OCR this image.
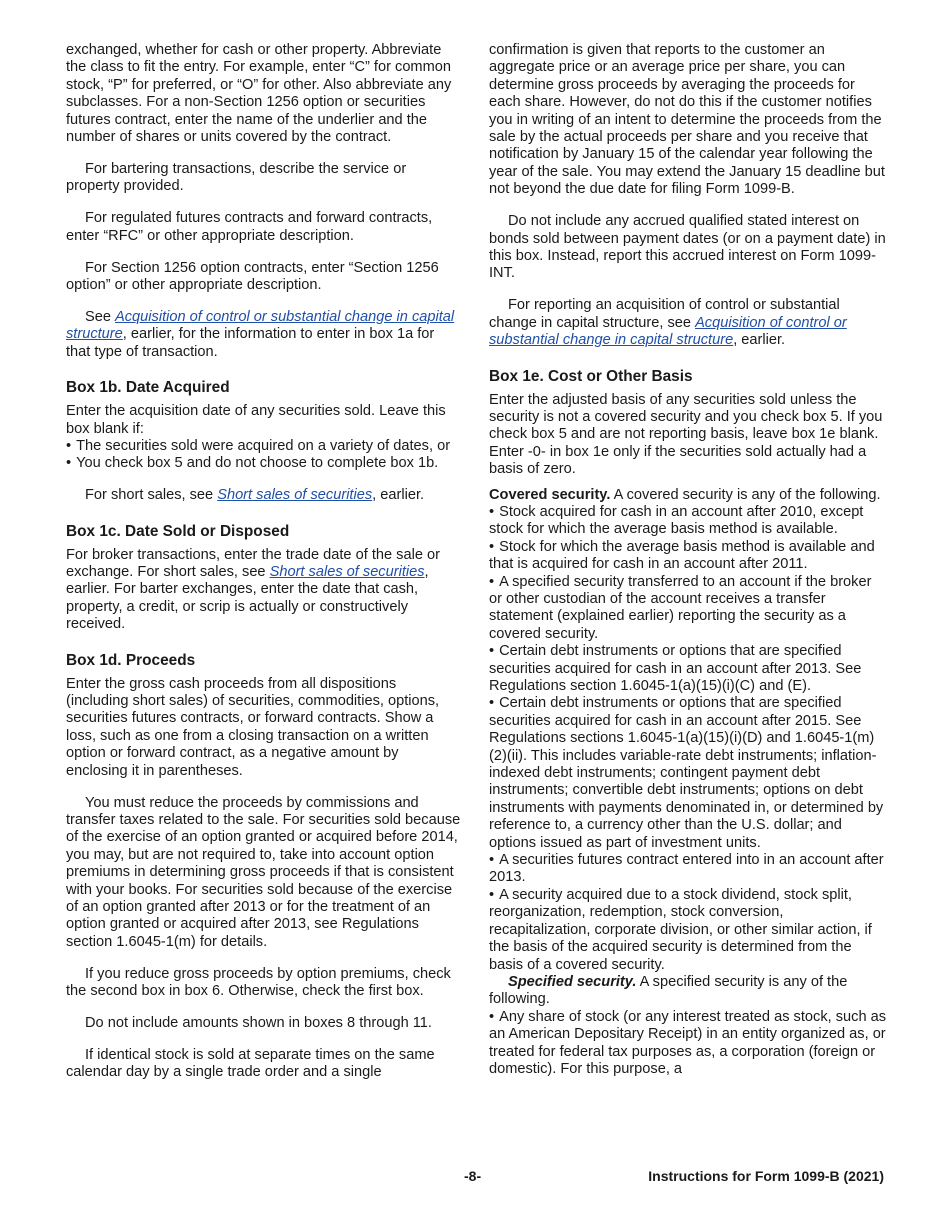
exchanged, whether for cash or other property. Abbreviate the class to fit the entry. For example, enter “C” for common stock, “P” for preferred, or “O” for other. Also abbreviate any subclasses. For a non-Section 1256 option or securities futures contract, enter the name of the underlier and the number of shares or units covered by the contract.

For bartering transactions, describe the service or property provided.

For regulated futures contracts and forward contracts, enter “RFC” or other appropriate description.

For Section 1256 option contracts, enter “Section 1256 option” or other appropriate description.

See Acquisition of control or substantial change in capital structure, earlier, for the information to enter in box 1a for that type of transaction.

Box 1b. Date Acquired

Enter the acquisition date of any securities sold. Leave this box blank if:

• The securities sold were acquired on a variety of dates, or

• You check box 5 and do not choose to complete box 1b.

For short sales, see Short sales of securities, earlier.

Box 1c. Date Sold or Disposed

For broker transactions, enter the trade date of the sale or exchange. For short sales, see Short sales of securities, earlier. For barter exchanges, enter the date that cash, property, a credit, or scrip is actually or constructively received.

Box 1d. Proceeds

Enter the gross cash proceeds from all dispositions (including short sales) of securities, commodities, options, securities futures contracts, or forward contracts. Show a loss, such as one from a closing transaction on a written option or forward contract, as a negative amount by enclosing it in parentheses.

You must reduce the proceeds by commissions and transfer taxes related to the sale. For securities sold because of the exercise of an option granted or acquired before 2014, you may, but are not required to, take into account option premiums in determining gross proceeds if that is consistent with your books. For securities sold because of the exercise of an option granted after 2013 or for the treatment of an option granted or acquired after 2013, see Regulations section 1.6045-1(m) for details.

If you reduce gross proceeds by option premiums, check the second box in box 6. Otherwise, check the first box.

Do not include amounts shown in boxes 8 through 11.

If identical stock is sold at separate times on the same calendar day by a single trade order and a single

confirmation is given that reports to the customer an aggregate price or an average price per share, you can determine gross proceeds by averaging the proceeds for each share. However, do not do this if the customer notifies you in writing of an intent to determine the proceeds from the sale by the actual proceeds per share and you receive that notification by January 15 of the calendar year following the year of the sale. You may extend the January 15 deadline but not beyond the due date for filing Form 1099-B.

Do not include any accrued qualified stated interest on bonds sold between payment dates (or on a payment date) in this box. Instead, report this accrued interest on Form 1099-INT.

For reporting an acquisition of control or substantial change in capital structure, see Acquisition of control or substantial change in capital structure, earlier.

Box 1e. Cost or Other Basis

Enter the adjusted basis of any securities sold unless the security is not a covered security and you check box 5. If you check box 5 and are not reporting basis, leave box 1e blank. Enter -0- in box 1e only if the securities sold actually had a basis of zero.

Covered security. A covered security is any of the following.

• Stock acquired for cash in an account after 2010, except stock for which the average basis method is available.

• Stock for which the average basis method is available and that is acquired for cash in an account after 2011.

• A specified security transferred to an account if the broker or other custodian of the account receives a transfer statement (explained earlier) reporting the security as a covered security.

• Certain debt instruments or options that are specified securities acquired for cash in an account after 2013. See Regulations section 1.6045-1(a)(15)(i)(C) and (E).

• Certain debt instruments or options that are specified securities acquired for cash in an account after 2015. See Regulations sections 1.6045-1(a)(15)(i)(D) and 1.6045-1(m)(2)(ii). This includes variable-rate debt instruments; inflation-indexed debt instruments; contingent payment debt instruments; convertible debt instruments; options on debt instruments with payments denominated in, or determined by reference to, a currency other than the U.S. dollar; and options issued as part of investment units.

• A securities futures contract entered into in an account after 2013.

• A security acquired due to a stock dividend, stock split, reorganization, redemption, stock conversion, recapitalization, corporate division, or other similar action, if the basis of the acquired security is determined from the basis of a covered security.

Specified security. A specified security is any of the following.

• Any share of stock (or any interest treated as stock, such as an American Depositary Receipt) in an entity organized as, or treated for federal tax purposes as, a corporation (foreign or domestic). For this purpose, a

-8-	Instructions for Form 1099-B (2021)
